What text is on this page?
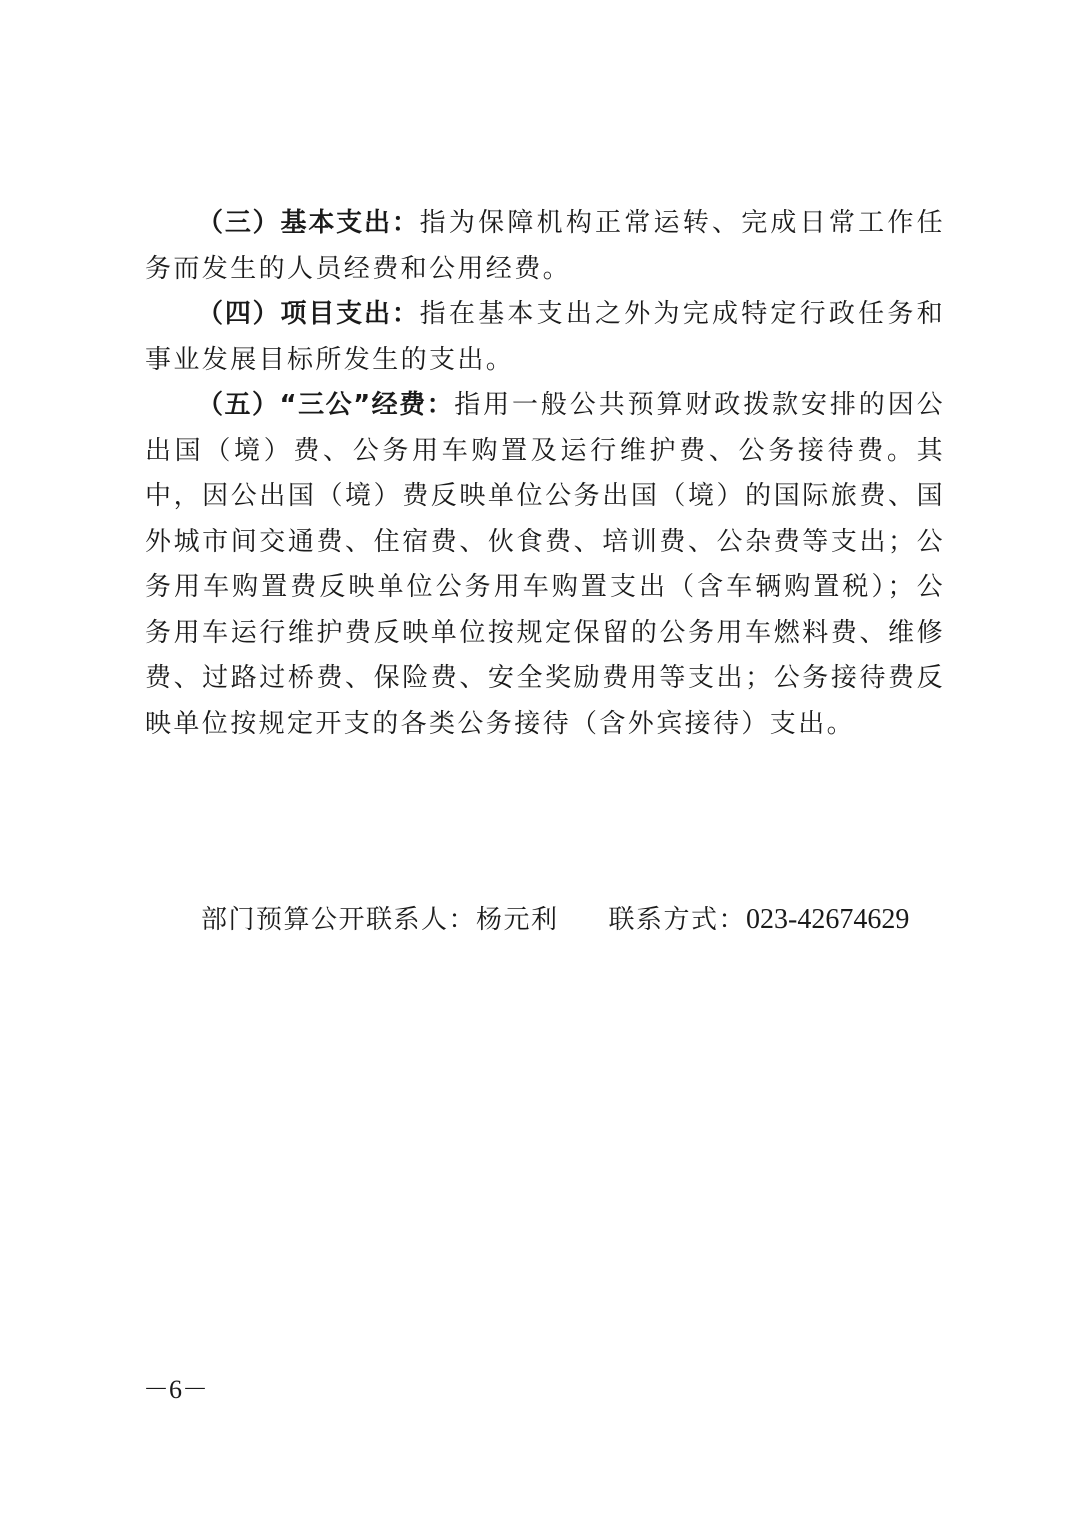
（三）基本支出：指为保障机构正常运转、完成日常工作任务而发生的人员经费和公用经费。

（四）项目支出：指在基本支出之外为完成特定行政任务和事业发展目标所发生的支出。

（五）“三公”经费：指用一般公共预算财政拨款安排的因公出国（境）费、公务用车购置及运行维护费、公务接待费。其中，因公出国（境）费反映单位公务出国（境）的国际旅费、国外城市间交通费、住宿费、伙食费、培训费、公杂费等支出；公务用车购置费反映单位公务用车购置支出（含车辆购置税）；公务用车运行维护费反映单位按规定保留的公务用车燃料费、维修费、过路过桥费、保险费、安全奖励费用等支出；公务接待费反映单位按规定开支的各类公务接待（含外宾接待）支出。

部门预算公开联系人：杨元利 联系方式：023-42674629
－6－
